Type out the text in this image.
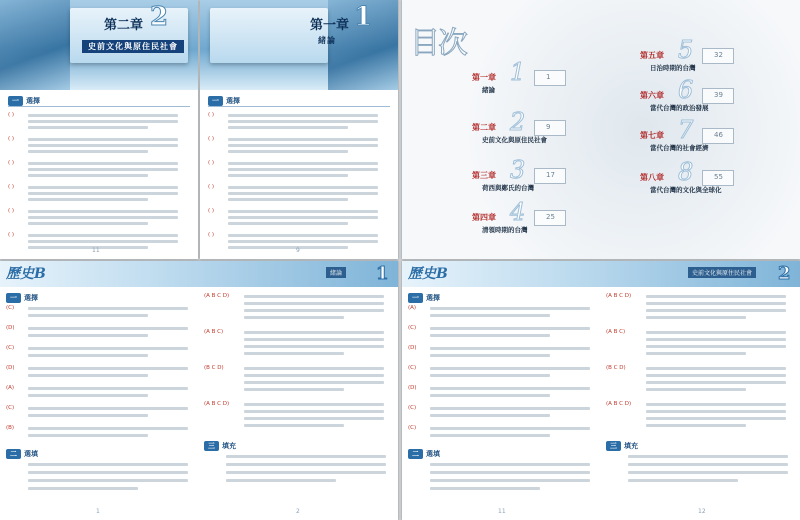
第二章 2
史前文化與原住民社會
一 選擇
( )
( )
( )
( )
( )
( )
11
第一章 1
緒論
一 選擇
( )
( )
( )
( )
( )
( )
9
目次
第一章 1
緒論
1
第二章 2
史前文化與原住民社會
9
第三章 3
荷西與鄭氏的台灣
17
第四章 4
清領時期的台灣
25
第五章 5
日治時期的台灣
32
第六章 6
當代台灣的政治發展
39
第七章 7
當代台灣的社會經濟
46
第八章 8
當代台灣的文化與全球化
55
歷史B	緒論 1
一 選擇
(C)
(D)
(C)
(D)
(A)
(C)
(B)
二 選填
(A B C D)
(A B C)
(B C D)
(A B C D)
三 填充
1	2
歷史B	史前文化與原住民社會 2
一 選擇
(A)
(C)
(D)
(C)
(D)
(C)
(C)
二 選填
(A B C D)
(A B C)
(B C D)
(A B C D)
三 填充
11	12
